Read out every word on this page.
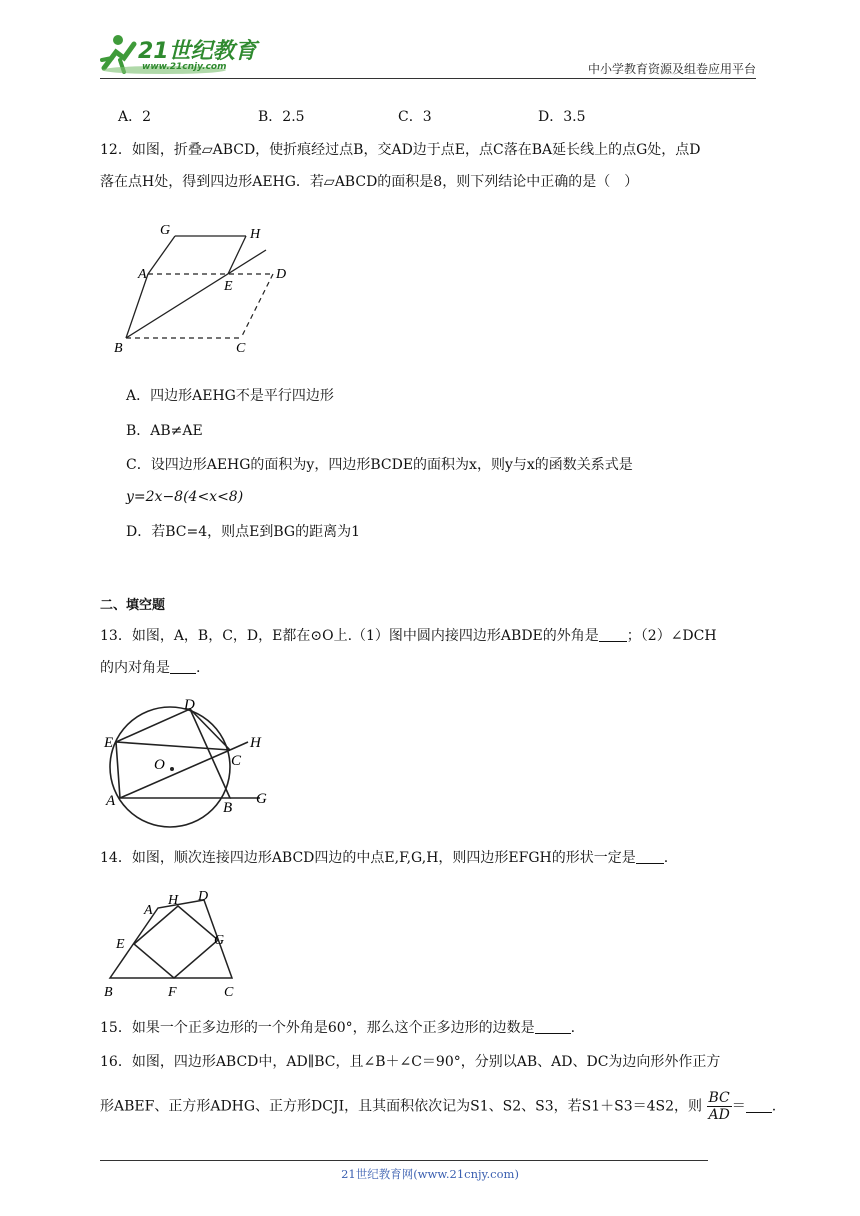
21世纪教育
www.21cnjy.com	中小学教育资源及组卷应用平台
A．2	B．2.5	C．3	D．3.5
12．如图，折叠▱ABCD，使折痕经过点B，交AD边于点E，点C落在BA延长线上的点G处，点D
落在点H处，得到四边形AEHG．若▱ABCD的面积是8，则下列结论中正确的是（　）
G	H
A
E
D
B	C
A．四边形AEHG不是平行四边形
B．AB≠AE
C．设四边形AEHG的面积为y，四边形BCDE的面积为x，则y与x的函数关系式是
y=2x−8(4<x<8)
D．若BC=4，则点E到BG的距离为1
二、填空题
13．如图，A，B，C，D，E都在⊙O上.（1）图中圆内接四边形ABDE的外角是 ；（2）∠DCH
的内对角是 .
D
E	H
O	C
A	B
G
14．如图，顺次连接四边形ABCD四边的中点E,F,G,H，则四边形EFGH的形状一定是 .
A
H D
E	G
B	F	C
15．如果一个正多边形的一个外角是60°，那么这个正多边形的边数是	.
16．如图，四边形ABCD中，AD∥BC，且∠B＋∠C＝90°，分别以AB、AD、DC为边向形外作正方
形ABEF、正方形ADHG、正方形DCJI，且其面积依次记为S1、S2、S3，若S1＋S3＝4S2，则 $\frac{BC}{AD}$ ＝ .
21世纪教育网(www.21cnjy.com)
